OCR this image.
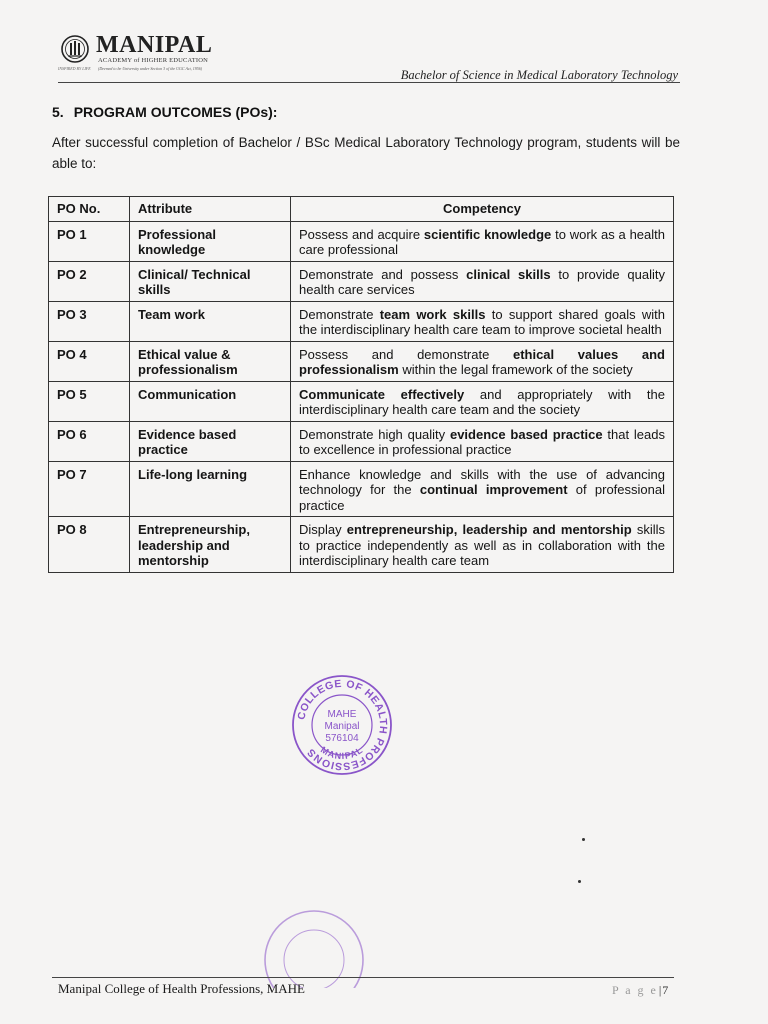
MANIPAL
ACADEMY of HIGHER EDUCATION
(Deemed to be University under Section 3 of the UGC Act, 1956)
INSPIRED BY LIFE	Bachelor of Science in Medical Laboratory Technology
5. PROGRAM OUTCOMES (POs):
After successful completion of Bachelor / BSc Medical Laboratory Technology program, students will be able to:
PO No.	Attribute	Competency
PO 1	Professional knowledge	Possess and acquire scientific knowledge to work as a health care professional
PO 2	Clinical/ Technical skills	Demonstrate and possess clinical skills to provide quality health care services
PO 3	Team work	Demonstrate team work skills to support shared goals with the interdisciplinary health care team to improve societal health
PO 4	Ethical value & professionalism	Possess and demonstrate ethical values and professionalism within the legal framework of the society
PO 5	Communication	Communicate effectively and appropriately with the interdisciplinary health care team and the society
PO 6	Evidence based practice	Demonstrate high quality evidence based practice that leads to excellence in professional practice
PO 7	Life-long learning	Enhance knowledge and skills with the use of advancing technology for the continual improvement of professional practice
PO 8	Entrepreneurship, leadership and mentorship	Display entrepreneurship, leadership and mentorship skills to practice independently as well as in collaboration with the interdisciplinary health care team
COLLEGE OF HEALTH PROFESSIONS MANIPAL
MAHE
Manipal
576104
Manipal College of Health Professions, MAHE	P a g e|7
